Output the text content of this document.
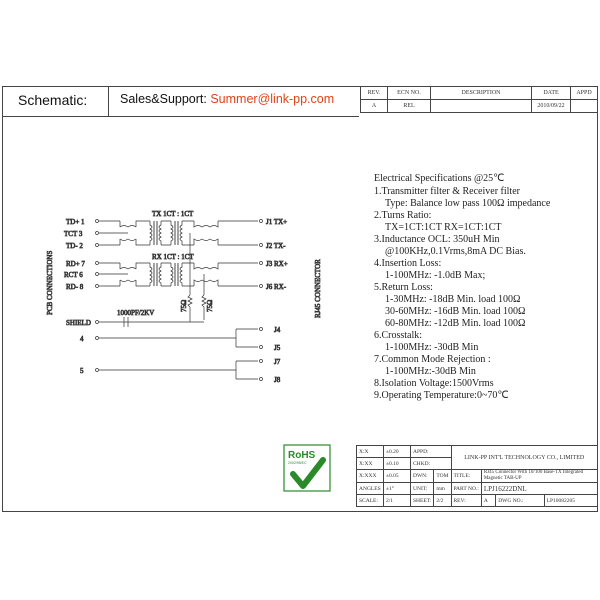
Schematic:	Sales&Support: Summer@link-pp.com	REV.	ECN NO.	DESCRIPTION	DATE	APPD
A	REL		2010/09/22	
PCB CONNECTIONS	RJ45 CONNECTOR
TD+ 1
TCT 3
TD- 2
RD+ 7
RCT 6
RD- 8
TX 1CT : 1CT
RX 1CT : 1CT
J1 TX+
J2 TX-
J3 RX+
J6 RX-
75Ω	75Ω
1000PF/2KV
SHIELD
4
J4
J5
5
J7
J8
Electrical Specifications @25℃
1.Transmitter filter & Receiver filter
Type: Balance low pass 100Ω impedance
2.Turns Ratio:
TX=1CT:1CT RX=1CT:1CT
3.Inductance OCL: 350uH Min
@100KHz,0.1Vrms,8mA DC Bias.
4.Insertion Loss:
1-100MHz: -1.0dB Max;
5.Return Loss:
1-30MHz: -18dB Min. load 100Ω
30-60MHz: -16dB Min. load 100Ω
60-80MHz: -12dB Min. load 100Ω
6.Crosstalk:
1-100MHz: -30dB Min
7.Common Mode Rejection :
1-100MHz:-30dB Min
8.Isolation Voltage:1500Vrms
9.Operating Temperature:0~70℃
RoHS
2002/95/EC
X:X	±0.20	APPD:		LINK-PP INT'L TECHNOLOGY CO., LIMITED			
X:XX	±0.10	CHKD:					
X:XXX	±0.05	DWN:	TOM	TITLE:	RJ45 Connector With 10/100 Base-TX Integrated Magnetic TAB-UP		
ANGLES	±1°	UNIT:	mm	PART NO.:	LPJ16222DNL		
SCALE:	2/1	SHEET:	2/2	REV:	A	DWG NO.:	LP10082205
